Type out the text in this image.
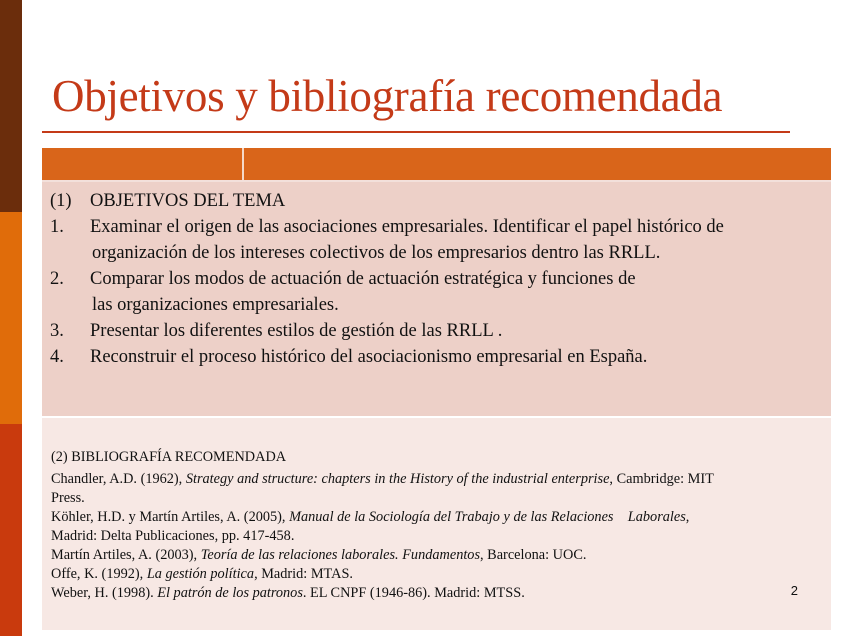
Objetivos y bibliografía recomendada
(1) OBJETIVOS DEL TEMA
1. Examinar el origen de las asociaciones empresariales. Identificar el papel histórico de
organización de los intereses colectivos de los empresarios dentro las RRLL.
2. Comparar los modos de actuación de actuación estratégica y funciones de
las organizaciones empresariales.
3. Presentar los diferentes estilos de gestión de las RRLL .
4. Reconstruir el proceso histórico del asociacionismo empresarial en España.
(2) BIBLIOGRAFÍA RECOMENDADA
Chandler, A.D. (1962), Strategy and structure: chapters in the History of the industrial enterprise, Cambridge: MIT
Press.
Köhler, H.D. y Martín Artiles, A. (2005), Manual de la Sociología del Trabajo y de las Relaciones    Laborales,
Madrid: Delta Publicaciones, pp. 417-458.
Martín Artiles, A. (2003), Teoría de las relaciones laborales. Fundamentos, Barcelona: UOC.
Offe, K. (1992), La gestión política, Madrid: MTAS.
Weber, H. (1998). El patrón de los patronos. EL CNPF (1946-86). Madrid: MTSS.	2
